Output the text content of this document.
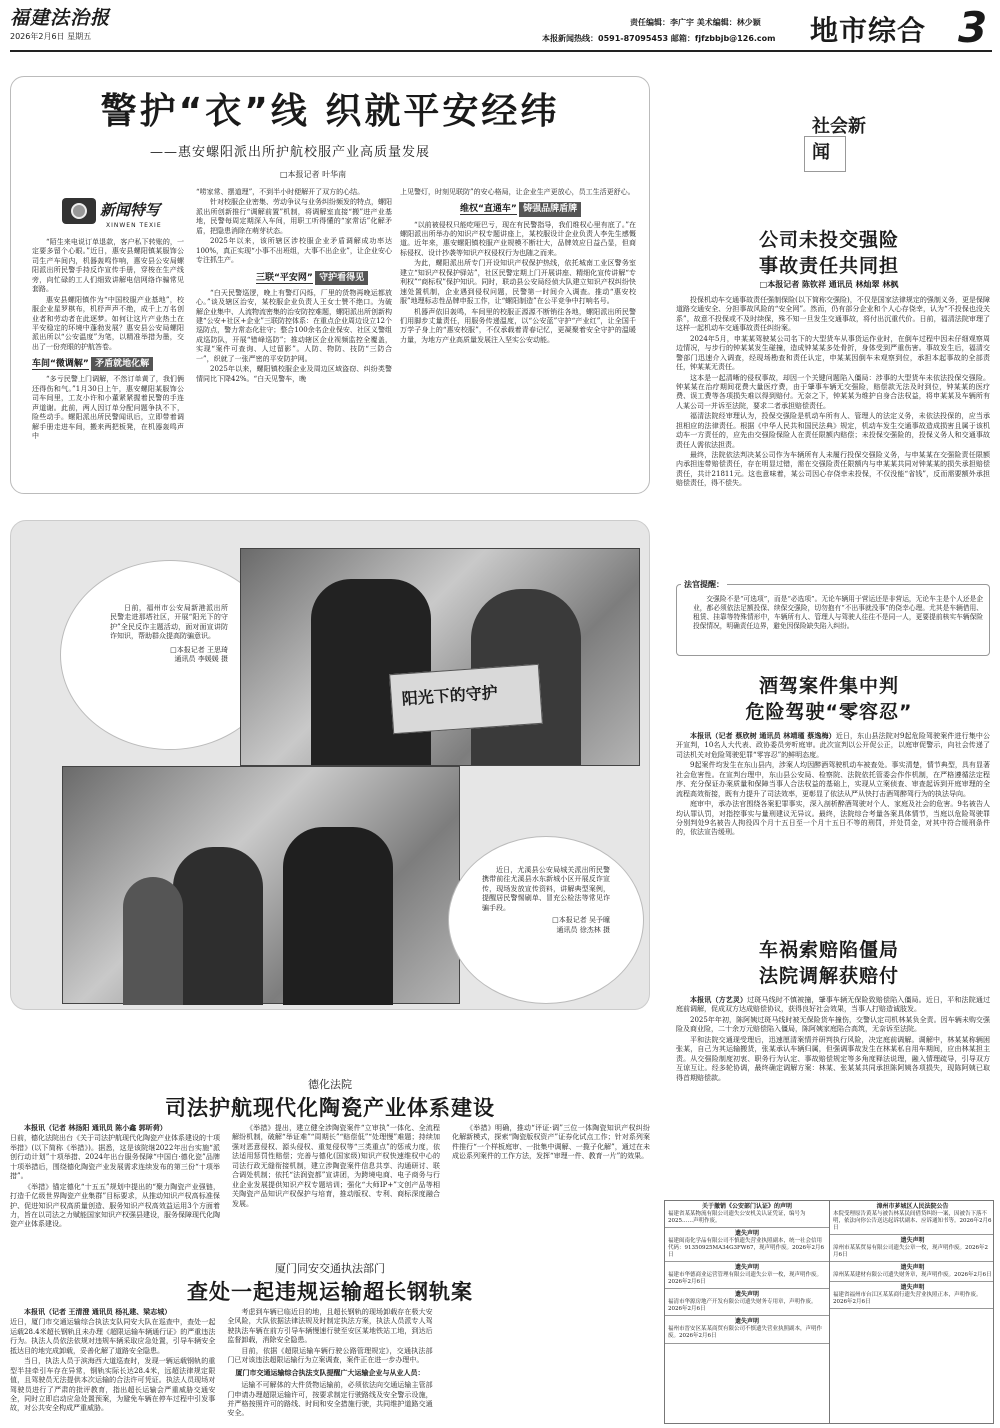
福建法治报
2026年2月6日 星期五
责任编辑：李广宇 美术编辑：林少颖
本报新闻热线：0591-87095453 邮箱：fjfzbbjb@126.com 地市综合 3
警护“衣”线 织就平安经纬
——惠安螺阳派出所护航校服产业高质量发展
□本报记者 叶华南
新闻特写
XINWEN TEXIE

“陌生来电说订单退款，客户私下转账的，一定要多留个心眼。”近日，惠安县螺阳镇某服饰公司生产车间内，机器轰鸣作响，惠安县公安局螺阳派出所民警手持反诈宣传手册，穿梭在生产线旁，向忙碌的工人们细致讲解电信网络诈骗常见套路。

惠安县螺阳镇作为“中国校服产业基地”，校服企业星罗棋布，机杼声声不绝，成千上万名创业者和劳动者在此逐梦。如何让这片产业热土在平安稳定的环境中蓬勃发展？惠安县公安局螺阳派出所以“公安温度”为笔，以精准举措为墨，交出了一份亮眼的护航答卷。

车间“微调解” 矛盾就地化解

“多亏民警上门调解，不然订单黄了，我们俩还得伤和气。”1月30日上午，惠安螺阳某服饰公司车间里，工友小许和小董紧紧握着民警的手连声道谢。此前，两人因订单分配问题争执不下，险些动手。螺阳派出所民警闻讯后，立即带着调解手册走进车间，搬来两把板凳，在机器轰鸣声中

“唠家常、摆道理”，不到半小时便解开了双方的心结。

针对校服企业密集、劳动争议与业务纠纷频发的特点，螺阳派出所创新推行“调解前置”机制，将调解室直接“搬”进产业基地，民警每周定期深入车间，用职工听得懂的“家常话”化解矛盾，把隐患消除在萌芽状态。

2025年以来，该所辖区涉校服企业矛盾调解成功率达100%，真正实现“小事不出班组，大事不出企业”，让企业安心专注抓生产。

三联“平安网” 守护看得见

“白天民警巡逻，晚上有警灯闪烁，厂里的货物再晚运都放心。”谈及辖区治安，某校服企业负责人王女士赞不绝口。为破解企业集中、人流物流密集的治安防控难题，螺阳派出所创新构建“公安+社区+企业”三联防控体系：在重点企业周边设立12个巡防点，警力常态化驻守；整合100余名企业保安、社区义警组成巡防队，开展“错峰巡防”；推动辖区企业视频监控全覆盖，实现“案件可查询、人过留影”。人防、物防、技防“三防合一”，织就了一张严密的平安防护网。

2025年以来，螺阳镇校服企业及周边区域盗窃、纠纷类警情同比下降42%。“白天见警车，晚

上见警灯，时刻见联防”的安心格局，让企业生产更放心，员工生活更舒心。

维权“直通车” 铸强品牌盾牌

“以前被侵权只能吃哑巴亏，现在有民警指导，我们维权心里有底了。”在螺阳派出所举办的知识产权专题讲座上，某校服设计企业负责人李先生感慨道。近年来，惠安螺阳镇校服产业规模不断壮大，品牌效应日益凸显，但商标侵权、设计抄袭等知识产权侵权行为也随之而来。

为此，螺阳派出所专门开设知识产权保护热线，依托城南工业区警务室建立“知识产权保护驿站”，社区民警定期上门开展讲座、精细化宣传讲解“专利权”“商标权”保护知识。同时，联动县公安局经侦大队建立知识产权纠纷快速处置机制，企业遇到侵权问题，民警第一时间介入调查。推动“惠安校服”地理标志性品牌申报工作，让“螺阳制造”在公平竞争中打响名号。

机器声依旧轰鸣，车间里的校服正源源不断销往各地，螺阳派出所民警们用脚步丈量责任，用服务传递温度，以“公安蓝”守护“产业红”，让全国千万学子身上的“惠安校服”，不仅承载着青春记忆，更凝聚着安全守护的温暖力量，为地方产业高质量发展注入坚实公安动能。

日前，福州市公安局新港派出所民警走进那塔社区，开展“阳光下的守护”全民反诈主题活动，面对面宣讲防诈知识，帮助群众提高防骗意识。

□本报记者 王思琦
通讯员 李媛媛 摄
阳光下的守护

近日，尤溪县公安局城关派出所民警携带前往尤溪县水东新城小区开展反诈宣传，现场发放宣传资料，讲解典型案例，提醒居民警惕刷单、冒充公检法等常见诈骗手段。

□本报记者 吴予曈
通讯员 徐杰林 摄
德化法院
司法护航现代化陶瓷产业体系建设

本报讯（记者 林扬阳 通讯员 陈小鑫 郭昕荷）

日前，德化法院出台《关于司法护航现代化陶瓷产业体系建设的十项举措》(以下简称《举措》)。据悉，这是该院继2022年出台实施“派创行动计划”十项举措、2024年出台服务保障“中国白·德化瓷”品牌十项举措后，围绕德化陶瓷产业发展需求连续发布的第三份“十项举措”。

《举措》锚定德化“十五五”规划中提出的“聚力陶瓷产业强链，打造千亿级世界陶瓷产业集群”目标要求，从推动知识产权高标准保护、促进知识产权高质量创造、服务知识产权高效益运用3个方面着力，旨在以司法之力赋能国家知识产权强县建设，服务保障现代化陶瓷产业体系建设。

《举措》提出，建立健全涉陶瓷案件“立审执”一体化、全流程解纷机制，破解“举证难”“周期长”“赔偿低”“处理慢”难题；持续加强对恶意侵权、源头侵权、重复侵权等“三类重点”的惩戒力度，依法适用惩罚性赔偿；完善与德化(国家级)知识产权快速维权中心的司法行政无缝衔接机制，建立涉陶瓷案件信息共享、沟通研讨、联合调处机制；依托“法润瓷都”宣讲团，为跨境电商、电子商务与行业企业发展提供知识产权专题培训；强化“大师IP+”文创产品等相关陶瓷产品知识产权保护与培育，推动版权、专利、商标深度融合发展。

《举措》明确，推动“评证·调”三位一体陶瓷知识产权纠纷化解新模式，探索“陶瓷版权资产”证券化试点工作；针对系列案件推行“一个样板庭审、一批集中调解、一揽子化解”，通过在未成讼系列案件的工作方法，发挥“审理一件、教育一片”的效果。

厦门同安交通执法部门
查处一起违规运输超长钢轨案

本报讯（记者 王清澄 通讯员 杨礼建、梁志城）

近日，厦门市交通运输综合执法支队同安大队在巡查中，查处一起运载28.4米超长钢轨且未办理《超限运输车辆通行证》的严重违法行为。执法人员依法依规对违规车辆采取应急处置，引导车辆安全抵达目的地完成卸载，妥善化解了道路安全隐患。

当日，执法人员于滨海西大道巡查时，发现一辆运载钢轨的重型半挂牵引车存在异常，钢轨实际长达28.4米，远超法律规定限值，且驾驶员无法提供本次运输的合法许可凭证。执法人员现场对驾驶员进行了严肃的批评教育，指出超长运输会严重威胁交通安全，同时立即启动应急处置预案，为避免车辆在停车过程中引发事故，对公共安全构成严重威胁。

考虑到车辆已临近目的地，且超长钢轨的现场卸载存在极大安全风险，大队依据法律法规及时制定执法方案，执法人员派专人驾驶执法车辆在前方引导车辆慢速行驶至安区某地铁站工地，到达后监督卸载，消除安全隐患。

目前，依据《超限运输车辆行驶公路管理规定》，交通执法部门已对该违法超限运输行为立案调查，案件正在进一步办理中。

厦门市交通运输综合执法支队提醒广大运输企业与从业人员：

运输不可解体的大件货物运输前，必须依法向交通运输主管部门申请办理超限运输许可，按要求制定行驶路线及安全警示设施，并严格按照许可的路线、时间和安全措施行驶，共同维护道路交通安全。

社会新闻
公司未投交强险
事故责任共同担
□本报记者 陈钦祥 通讯员 林灿翠 林枫

投保机动车交通事故责任强制保险(以下简称交强险)，不仅是国家法律规定的强制义务，更是保障道路交通安全、分担事故风险的“安全网”。然而，仍有部分企业和个人心存侥幸，认为“不投保也没关系”，故意不投保或不及时续保，殊不知一旦发生交通事故，将付出沉重代价。日前，福清法院审理了这样一起机动车交通事故责任纠纷案。

2024年5月，申某某驾驶某公司名下的大型货车从事货运作业时，在倒车过程中因未仔细观察周边情况，与步行的钟某某发生碰撞，造成钟某某多处骨折，身体受到严重伤害。事故发生后，福清交警部门迅速介入调查，经现场勘查和责任认定，申某某因倒车未观察到位，承担本起事故的全部责任，钟某某无责任。

这本是一起清晰的侵权事故，却因一个关键问题陷入僵局：涉事的大型货车未依法投保交强险。钟某某在治疗期间花费大量医疗费，由于肇事车辆无交强险，赔偿款无法及时到位，钟某某的医疗费、误工费等各项损失难以得到赔付。无奈之下，钟某某为维护自身合法权益，将申某某及车辆所有人某公司一并诉至法院，要求二者承担赔偿责任。

福清法院经审理认为，投保交强险是机动车所有人、管理人的法定义务，未依法投保的，应当承担相应的法律责任。根据《中华人民共和国民法典》规定，机动车发生交通事故造成损害且属于该机动车一方责任的，应先由交强险保险人在责任限额内赔偿；未投保交强险的，投保义务人和交通事故责任人需依法担责。

最终，法院依法判决某公司作为车辆所有人未履行投保交强险义务，与申某某在交强险责任限额内承担连带赔偿责任，存在明显过错，需在交强险责任限额内与申某某共同对钟某某的损失承担赔偿责任，共计21811元。这也意味着，某公司因心存侥幸未投保，不仅没能“省钱”，反而需要额外承担赔偿责任，得不偿失。

法官提醒：

交强险不是“可选项”，而是“必选项”。无论车辆用于营运还是非营运，无论车主是个人还是企业，都必须依法足额投保、续保交强险，切勿抱有“不出事就没事”的侥幸心理。尤其是车辆借用、租赁、挂靠等特殊情形中，车辆所有人、管理人与驾驶人往往不是同一人，更要提前核实车辆保险投保情况，明确责任边界，避免因保险缺失陷入纠纷。

酒驾案件集中判
危险驾驶“零容忍”

本报讯（记者 蔡欣树 通讯员 林靖瑾 蔡逸梅）近日，东山县法院对9起危险驾驶案件进行集中公开宣判，10名人大代表、政协委员旁听庭审。此次宣判以公开促公正，以庭审促警示，向社会传递了司法机关对危险驾驶犯罪“零容忍”的鲜明态度。

9起案件均发生在东山县内，涉案人均因醉酒驾驶机动车被查处。事实清楚，情节典型，具有显著社会危害性。在宣判台理中，东山县公安局、检察院、法院依托管委会作作机制，在严格遵循法定程序、充分保证办案质量和保障当事人合法权益的基础上，实现从立案侦查、审查起诉到开庭审理的全流程高效衔接，既有力提升了司法效率，更彰显了依法从严从快打击酒驾醉驾行为的执法导向。

庭审中，承办法官围绕各案犯罪事实，深入剖析醉酒驾驶对个人、家庭及社会的危害。9名被告人均认罪认罚，对指控事实与量刑建议无异议。最终，法院综合考量各案具体情节，当庭以危险驾驶罪分别判处9名被告人拘役四个月十五日至一个月十五日不等的刑罚，并处罚金，对其中符合缓刑条件的，依法宣告缓刑。

车祸索赔陷僵局
法院调解获赔付

本报讯（方艺灵）过斑马线时不慎被撞，肇事车辆无保险致赔偿陷入僵局。近日，平和法院通过庭前调解，促成双方达成赔偿协议，获得良好社会效果，当事人打赔造诚肢发。

2025年年初，陈阿姨过斑马线时被无保险货车撞伤，交警认定司机林某负全责。因车辆未购交强险及商业险，二十余万元赔偿陷入僵局，陈阿姨家庭陷合高筑，无奈诉至法院。

平和法院交通现受理后，迅速厘清案情并研判执行风险，决定庭前调解。调解中，林某某称辆困张某，自己为其运输搬货，张某承认车辆归属，但强调事故发生在林某私自用车期间，应由林某担主责。从交强险制度初衷、职务行为认定、事故赔偿规定等多角度释法说理，融入情理疏导，引导双方互谅互让。经多轮协调，最终确定调解方案：林某、张某某共同承担陈阿姨各项损失，现陈阿姨已取得首期赔偿款。

关于撤销《公安部门认证》的声明
福建省某某物流有限公司遗失公安机关认证凭证，编号为2025……声明作废。
遗失声明
福建闽南化学品有限公司不慎遗失营业执照副本，统一社会信用代码：91350925MA34G3FW67，现声明作废。2026年2月6日
遗失声明
福建市华德商业运营管理有限公司遗失公章一枚，现声明作废。2026年2月6日
遗失声明
福清市华源房地产开发有限公司遗失财务专用章，声明作废。2026年2月6日
遗失声明
福州市晋安区某某商贸有限公司不慎遗失营业执照副本，声明作废。2026年2月6日
漳州市芗城区人民法院公告
本院受理原告黄某与被告林某民间借贷纠纷一案，因被告下落不明，依法向你公告送达起诉状副本、应诉通知书等。2026年2月6日
遗失声明
漳州市某某贸易有限公司遗失公章一枚，现声明作废。2026年2月6日
遗失声明
漳州某某建材有限公司遗失财务章，现声明作废。2026年2月6日
遗失声明
福建省福州市台江区某某商行遗失营业执照正本，声明作废。2026年2月6日
